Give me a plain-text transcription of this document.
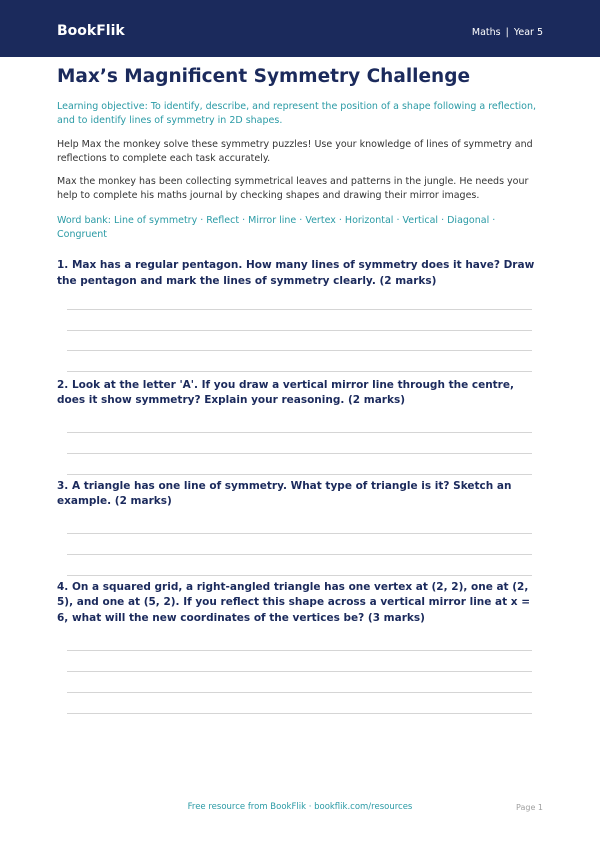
BookFlik	Maths | Year 5
Max’s Magnificent Symmetry Challenge
Learning objective: To identify, describe, and represent the position of a shape following a reflection, and to identify lines of symmetry in 2D shapes.
Help Max the monkey solve these symmetry puzzles! Use your knowledge of lines of symmetry and reflections to complete each task accurately.
Max the monkey has been collecting symmetrical leaves and patterns in the jungle. He needs your help to complete his maths journal by checking shapes and drawing their mirror images.
Word bank: Line of symmetry · Reflect · Mirror line · Vertex · Horizontal · Vertical · Diagonal · Congruent
1. Max has a regular pentagon. How many lines of symmetry does it have? Draw the pentagon and mark the lines of symmetry clearly. (2 marks)
2. Look at the letter 'A'. If you draw a vertical mirror line through the centre, does it show symmetry? Explain your reasoning. (2 marks)
3. A triangle has one line of symmetry. What type of triangle is it? Sketch an example. (2 marks)
4. On a squared grid, a right-angled triangle has one vertex at (2, 2), one at (2, 5), and one at (5, 2). If you reflect this shape across a vertical mirror line at x = 6, what will the new coordinates of the vertices be? (3 marks)
Free resource from BookFlik · bookflik.com/resources	Page 1
